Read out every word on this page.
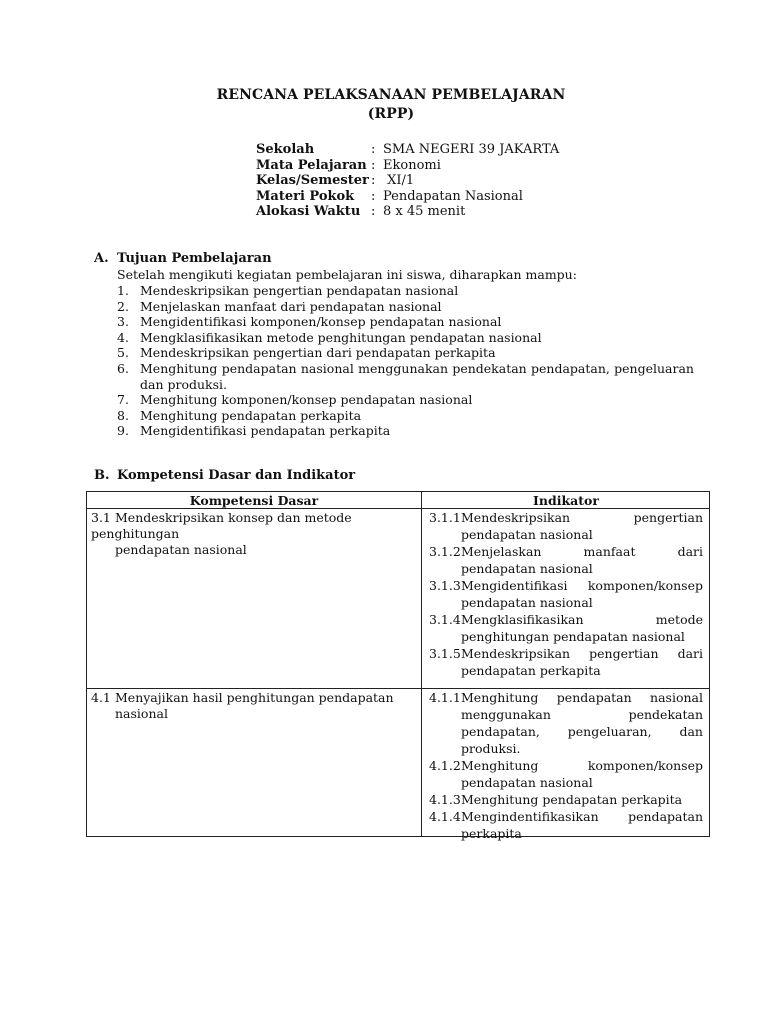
RENCANA PELAKSANAAN PEMBELAJARAN
(RPP)
Sekolah	: SMA NEGERI 39 JAKARTA
Mata Pelajaran : Ekonomi
Kelas/Semester : XI/1
Materi Pokok : Pendapatan Nasional
Alokasi Waktu : 8 x 45 menit
A. Tujuan Pembelajaran
Setelah mengikuti kegiatan pembelajaran ini siswa, diharapkan mampu:
1. Mendeskripsikan pengertian pendapatan nasional
2. Menjelaskan manfaat dari pendapatan nasional
3. Mengidentifikasi komponen/konsep pendapatan nasional
4. Mengklasifikasikan metode penghitungan pendapatan nasional
5. Mendeskripsikan pengertian dari pendapatan perkapita
6. Menghitung pendapatan nasional menggunakan pendekatan pendapatan, pengeluaran dan produksi.
7. Menghitung komponen/konsep pendapatan nasional
8. Menghitung pendapatan perkapita
9. Mengidentifikasi pendapatan perkapita
B. Kompetensi Dasar dan Indikator
Kompetensi Dasar	Indikator
3.1 Mendeskripsikan konsep dan metode penghitungan
pendapatan nasional
3.1.1 Mendeskripsikan pengertian pendapatan nasional
3.1.2 Menjelaskan manfaat dari pendapatan nasional
3.1.3 Mengidentifikasi komponen/konsep pendapatan nasional
3.1.4 Mengklasifikasikan metode penghitungan pendapatan nasional
3.1.5 Mendeskripsikan pengertian dari pendapatan perkapita
4.1 Menyajikan hasil penghitungan pendapatan
nasional
4.1.1 Menghitung pendapatan nasional menggunakan pendekatan pendapatan, pengeluaran, dan produksi.
4.1.2 Menghitung komponen/konsep pendapatan nasional
4.1.3 Menghitung pendapatan perkapita
4.1.4 Mengindentifikasikan pendapatan perkapita
